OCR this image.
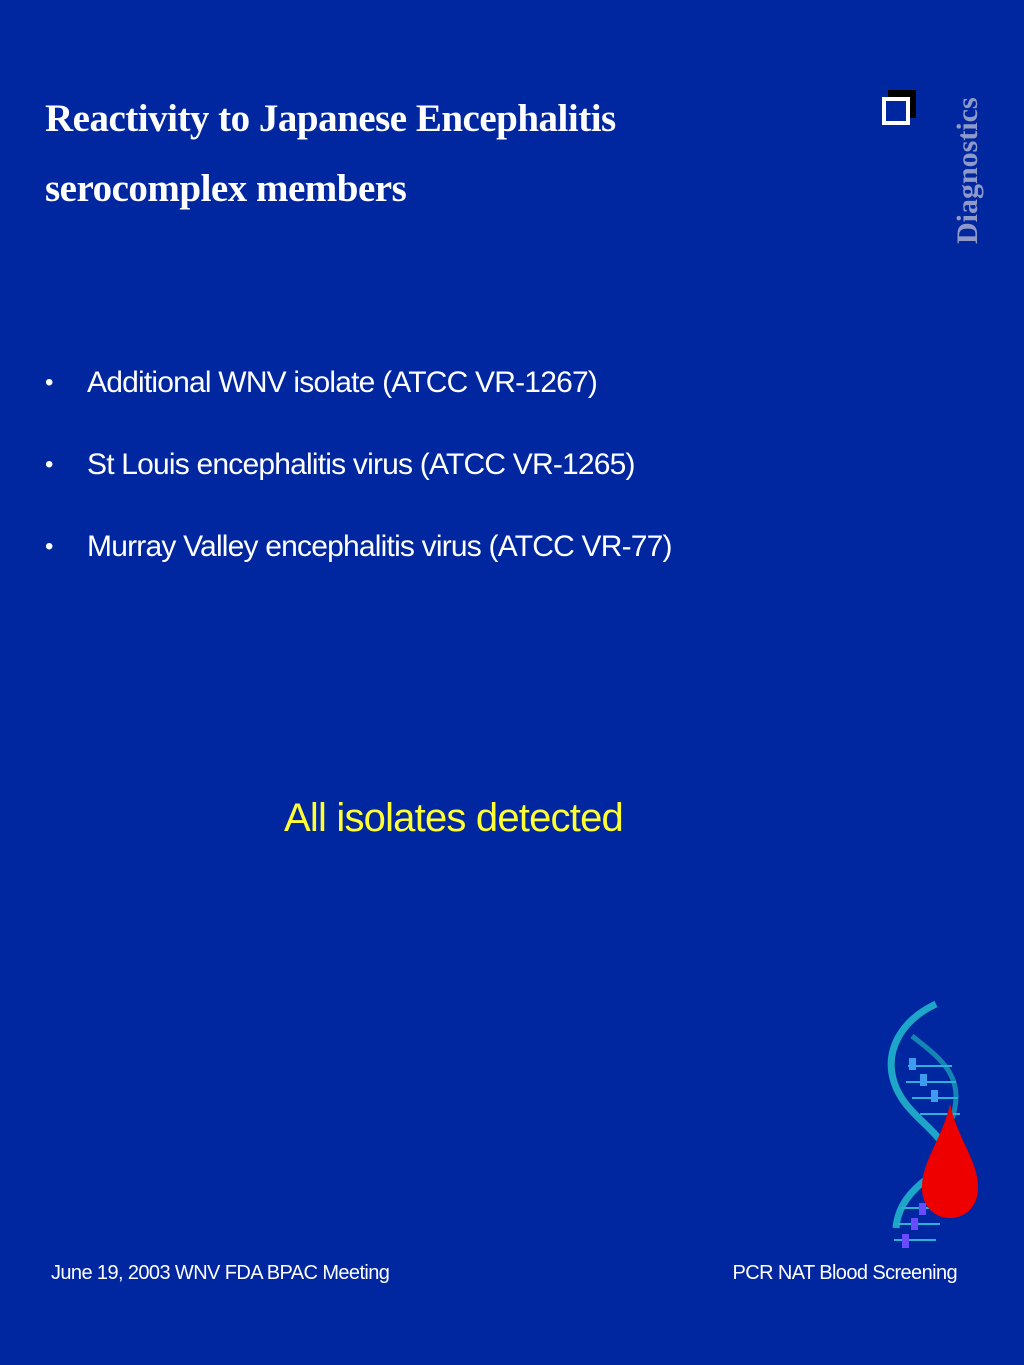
Reactivity to Japanese Encephalitis
serocomplex members	Diagnostics
• Additional WNV isolate (ATCC VR-1267)
• St Louis encephalitis virus (ATCC VR-1265)
• Murray Valley encephalitis virus (ATCC VR-77)
All isolates detected
June 19, 2003 WNV FDA BPAC Meeting	PCR NAT Blood Screening
